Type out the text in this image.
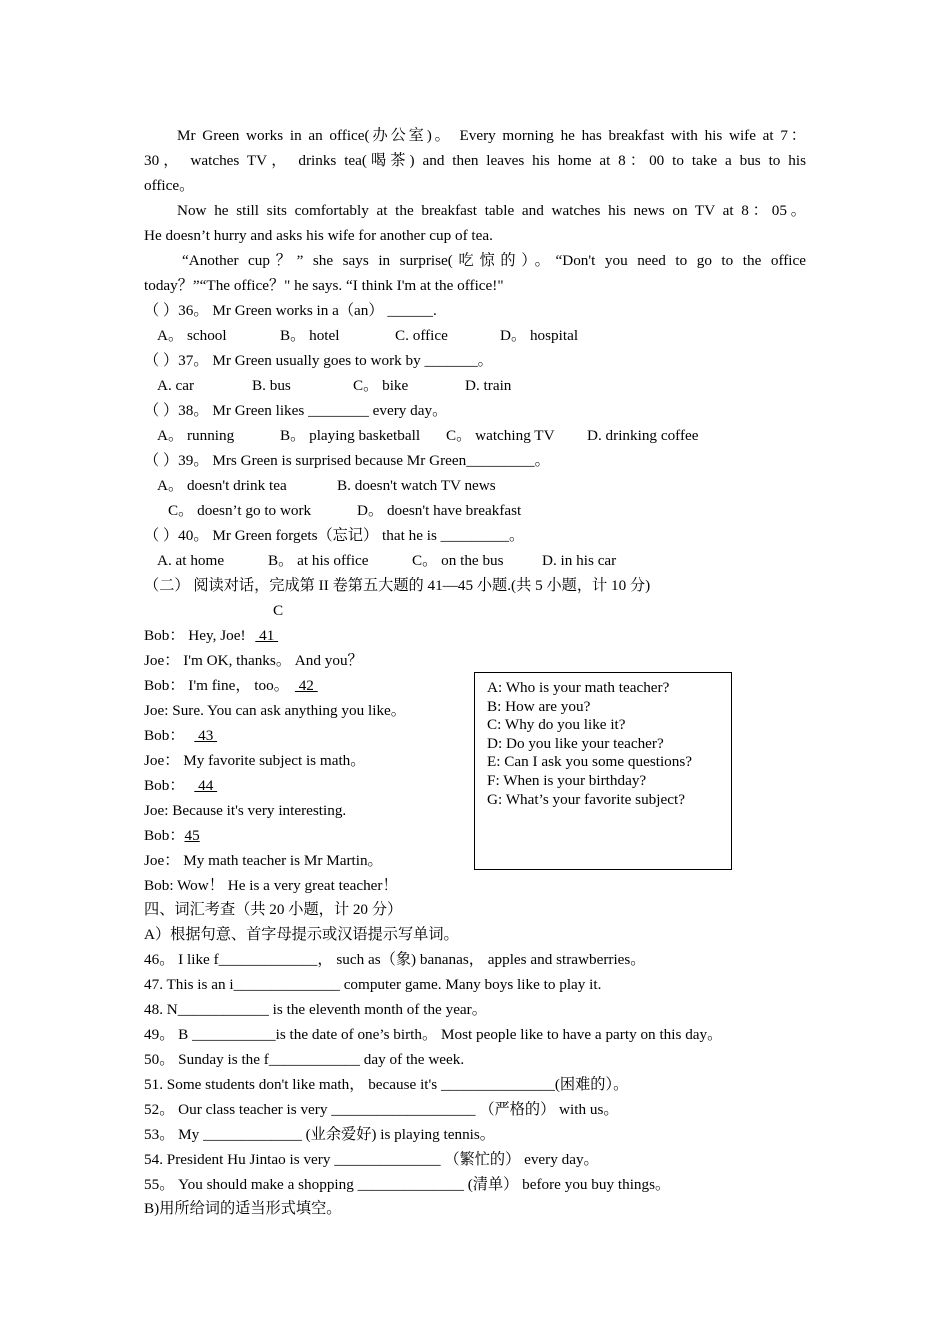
Mr Green works in an office(办公室)。 Every morning he has breakfast with his wife at 7：
30， watches TV， drinks tea(喝茶) and then leaves his home at 8：00 to take a bus to his
office。
Now he still sits comfortably at the breakfast table and watches his news on TV at 8：05。
He doesn’t hurry and asks his wife for another cup of tea.
“Another cup？” she says in surprise(吃惊的）。“Don't you need to go to the office
today？”“The office？" he says. “I think I'm at the office!"
（ ）36。 Mr Green works in a（an） ______.
A。 school	B。 hotel	C. office	D。 hospital
（ ）37。 Mr Green usually goes to work by _______。
A. car	B. bus	C。 bike	D. train
（ ）38。 Mr Green likes ________ every day。
A。 running	B。 playing basketball C。 watching TV D. drinking coffee
（ ）39。 Mrs Green is surprised because Mr Green_________。
A。 doesn't drink tea	B. doesn't watch TV news
C。 doesn’t go to work	D。 doesn't have breakfast
（ ）40。 Mr Green forgets（忘记） that he is _________。
A. at home	B。 at his office	C。 on the bus	D. in his car
（二） 阅读对话，完成第 II 卷第五大题的 41—45 小题.(共 5 小题，计 10 分)
C
Bob： Hey, Joe!  41
Joe： I'm OK, thanks。 And you？
Bob： I'm fine， too。 42
Joe: Sure. You can ask anything you like。
Bob：  43
Joe： My favorite subject is math。
Bob：  44
Joe: Because it's very interesting.
Bob：45
Joe： My math teacher is Mr Martin。
Bob: Wow！ He is a very great teacher！
A: Who is your math teacher?
B: How are you?
C: Why do you like it?
D: Do you like your teacher?
E: Can I ask you some questions?
F: When is your birthday?
G: What’s your favorite subject?
四、词汇考查（共 20 小题，计 20 分）
A）根据句意、首字母提示或汉语提示写单词。
46。 I like f_____________， such as（象) bananas， apples and strawberries。
47. This is an i______________ computer game. Many boys like to play it.
48. N____________ is the eleventh month of the year。
49。 B ___________is the date of one’s birth。 Most people like to have a party on this day。
50。 Sunday is the f____________ day of the week.
51. Some students don't like math， because it's _______________(困难的）。
52。 Our class teacher is very ___________________ （严格的） with us。
53。 My _____________ (业余爱好) is playing tennis。
54. President Hu Jintao is very ______________ （繁忙的） every day。
55。 You should make a shopping ______________ (清单） before you buy things。
B)用所给词的适当形式填空。
